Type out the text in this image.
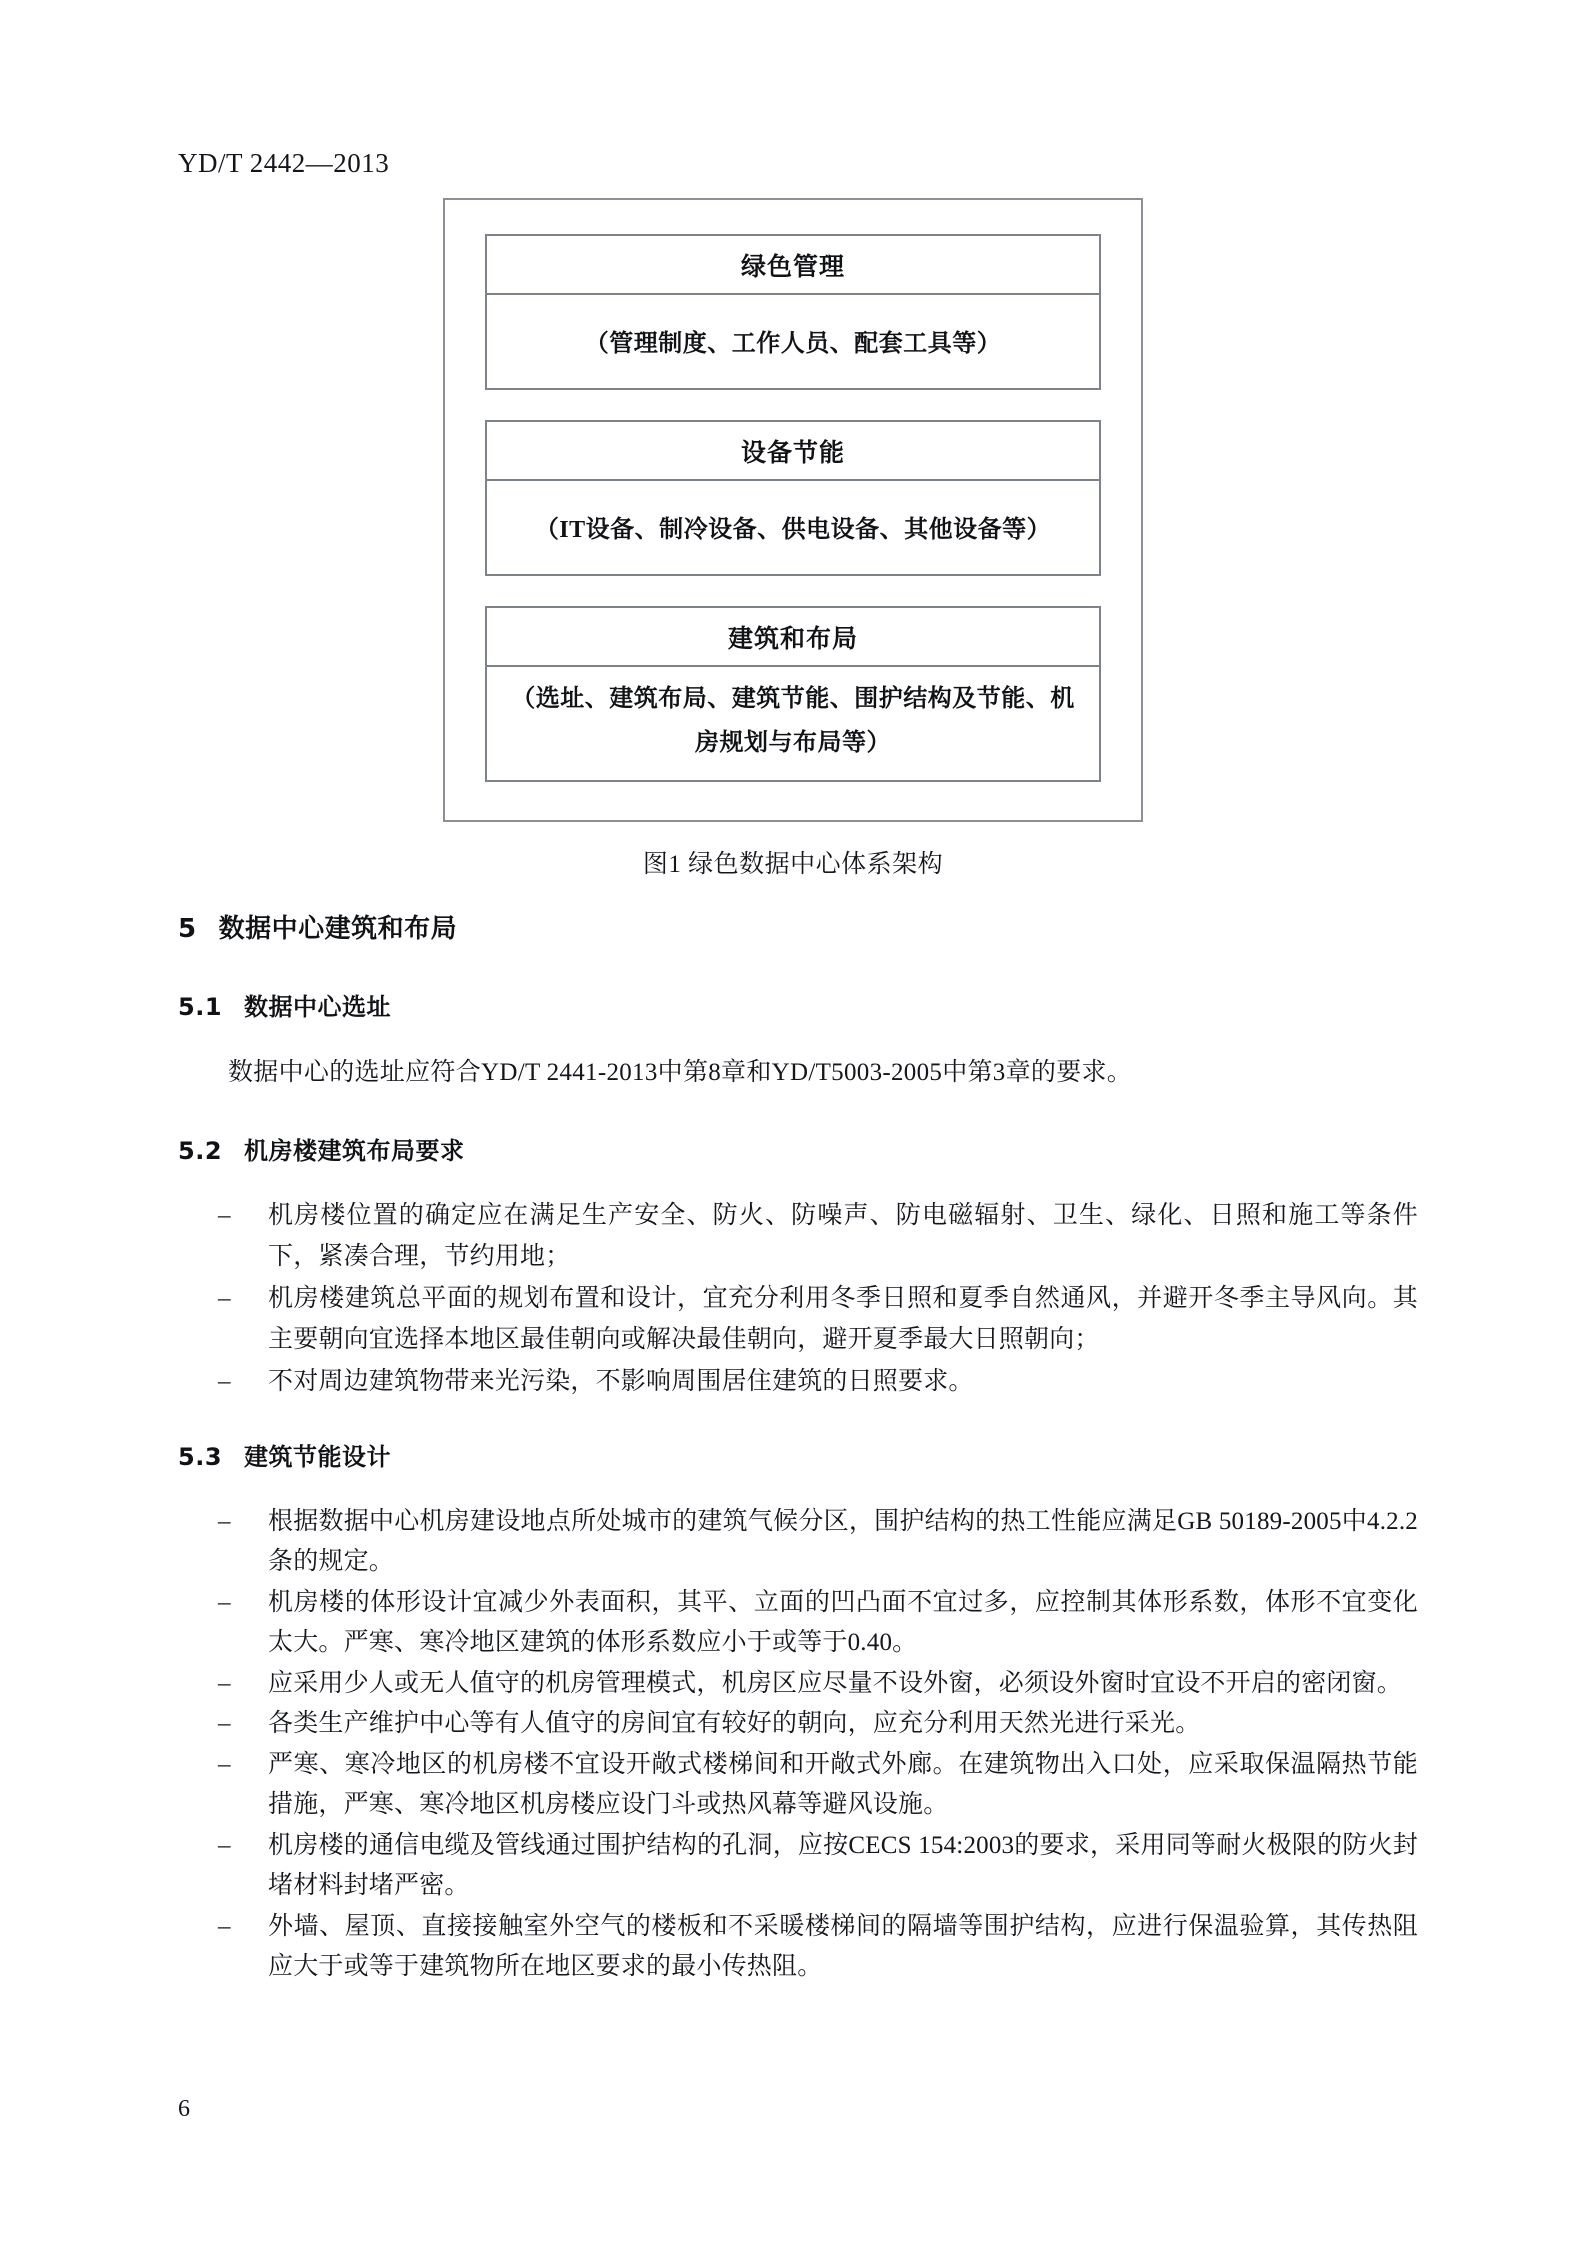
YD/T 2442—2013
绿色管理
（管理制度、工作人员、配套工具等）
设备节能
（IT设备、制冷设备、供电设备、其他设备等）
建筑和布局
（选址、建筑布局、建筑节能、围护结构及节能、机
房规划与布局等）
图1 绿色数据中心体系架构
5 数据中心建筑和布局
5.1 数据中心选址

数据中心的选址应符合YD/T 2441-2013中第8章和YD/T5003-2005中第3章的要求。

5.2 机房楼建筑布局要求
– 机房楼位置的确定应在满足生产安全、防火、防噪声、防电磁辐射、卫生、绿化、日照和施工等条件下，紧凑合理，节约用地；
– 机房楼建筑总平面的规划布置和设计，宜充分利用冬季日照和夏季自然通风，并避开冬季主导风向。其主要朝向宜选择本地区最佳朝向或解决最佳朝向，避开夏季最大日照朝向；
– 不对周边建筑物带来光污染，不影响周围居住建筑的日照要求。
5.3 建筑节能设计
– 根据数据中心机房建设地点所处城市的建筑气候分区，围护结构的热工性能应满足GB 50189-2005中4.2.2条的规定。
– 机房楼的体形设计宜减少外表面积，其平、立面的凹凸面不宜过多，应控制其体形系数，体形不宜变化太大。严寒、寒冷地区建筑的体形系数应小于或等于0.40。
– 应采用少人或无人值守的机房管理模式，机房区应尽量不设外窗，必须设外窗时宜设不开启的密闭窗。
– 各类生产维护中心等有人值守的房间宜有较好的朝向，应充分利用天然光进行采光。
– 严寒、寒冷地区的机房楼不宜设开敞式楼梯间和开敞式外廊。在建筑物出入口处，应采取保温隔热节能措施，严寒、寒冷地区机房楼应设门斗或热风幕等避风设施。
– 机房楼的通信电缆及管线通过围护结构的孔洞，应按CECS 154:2003的要求，采用同等耐火极限的防火封堵材料封堵严密。
– 外墙、屋顶、直接接触室外空气的楼板和不采暖楼梯间的隔墙等围护结构，应进行保温验算，其传热阻应大于或等于建筑物所在地区要求的最小传热阻。
6
